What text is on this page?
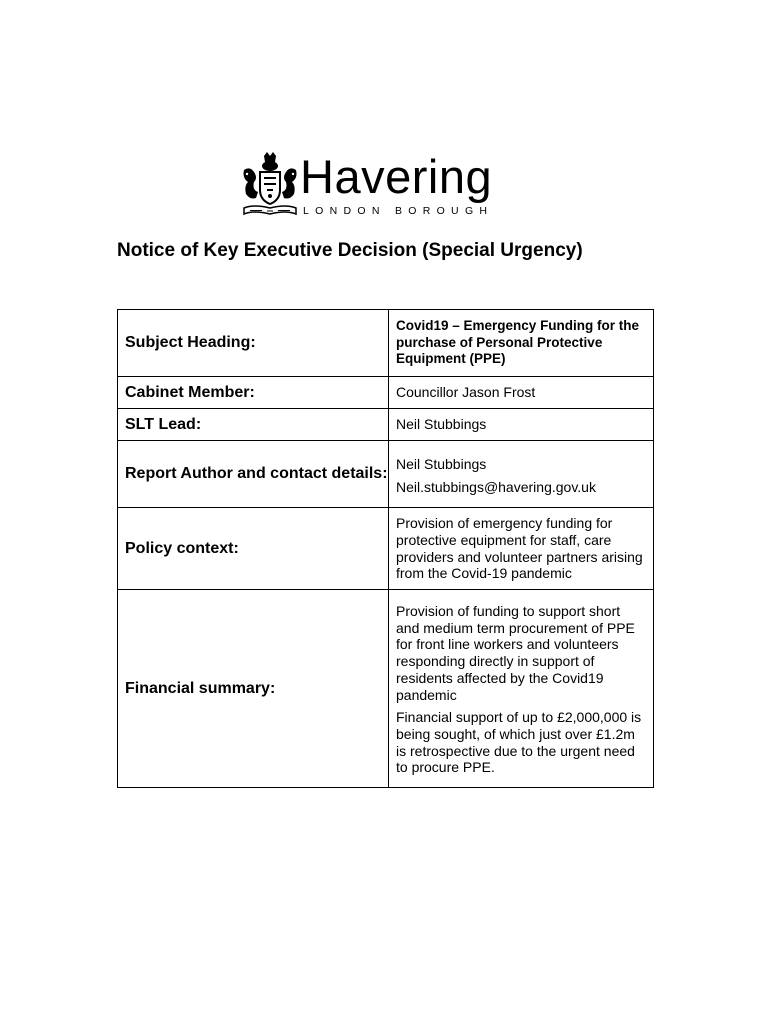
Havering
LONDON BOROUGH
Notice of Key Executive Decision (Special Urgency)
Subject Heading:	Covid19 – Emergency Funding for the purchase of Personal Protective Equipment (PPE)
Cabinet Member:	Councillor Jason Frost
SLT Lead:	Neil Stubbings
Report Author and contact details:	Neil Stubbings

Neil.stubbings@havering.gov.uk

Policy context:	Provision of emergency funding for protective equipment for staff, care providers and volunteer partners arising from the Covid-19 pandemic
Financial summary:	Provision of funding to support short and medium term procurement of PPE for front line workers and volunteers responding directly in support of residents affected by the Covid19 pandemic

Financial support of up to £2,000,000 is being sought, of which just over £1.2m is retrospective due to the urgent need to procure PPE.
